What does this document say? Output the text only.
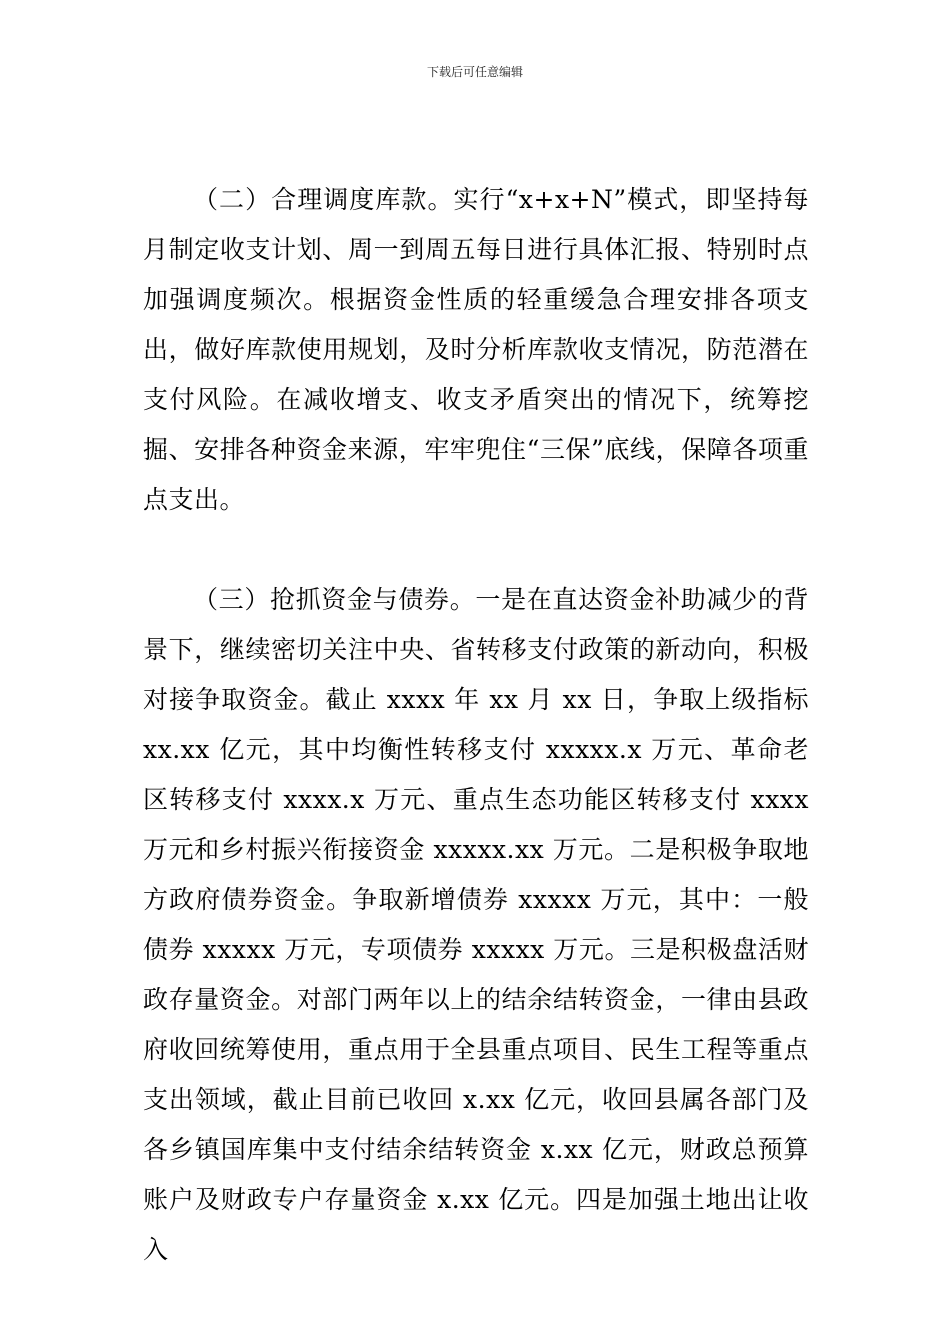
下载后可任意编辑

（二）合理调度库款。实行“x+x+N”模式，即坚持每月制定收支计划、周一到周五每日进行具体汇报、特别时点加强调度频次。根据资金性质的轻重缓急合理安排各项支出，做好库款使用规划，及时分析库款收支情况，防范潜在支付风险。在减收增支、收支矛盾突出的情况下，统筹挖掘、安排各种资金来源，牢牢兜住“三保”底线，保障各项重点支出。

（三）抢抓资金与债券。一是在直达资金补助减少的背景下，继续密切关注中央、省转移支付政策的新动向，积极对接争取资金。截止 xxxx 年 xx 月 xx 日，争取上级指标 xx.xx 亿元，其中均衡性转移支付 xxxxx.x 万元、革命老区转移支付 xxxx.x 万元、重点生态功能区转移支付 xxxx 万元和乡村振兴衔接资金 xxxxx.xx 万元。二是积极争取地方政府债券资金。争取新增债券 xxxxx 万元，其中：一般债券 xxxxx 万元，专项债券 xxxxx 万元。三是积极盘活财政存量资金。对部门两年以上的结余结转资金，一律由县政府收回统筹使用，重点用于全县重点项目、民生工程等重点支出领域，截止目前已收回 x.xx 亿元，收回县属各部门及各乡镇国库集中支付结余结转资金 x.xx 亿元，财政总预算账户及财政专户存量资金 x.xx 亿元。四是加强土地出让收入
